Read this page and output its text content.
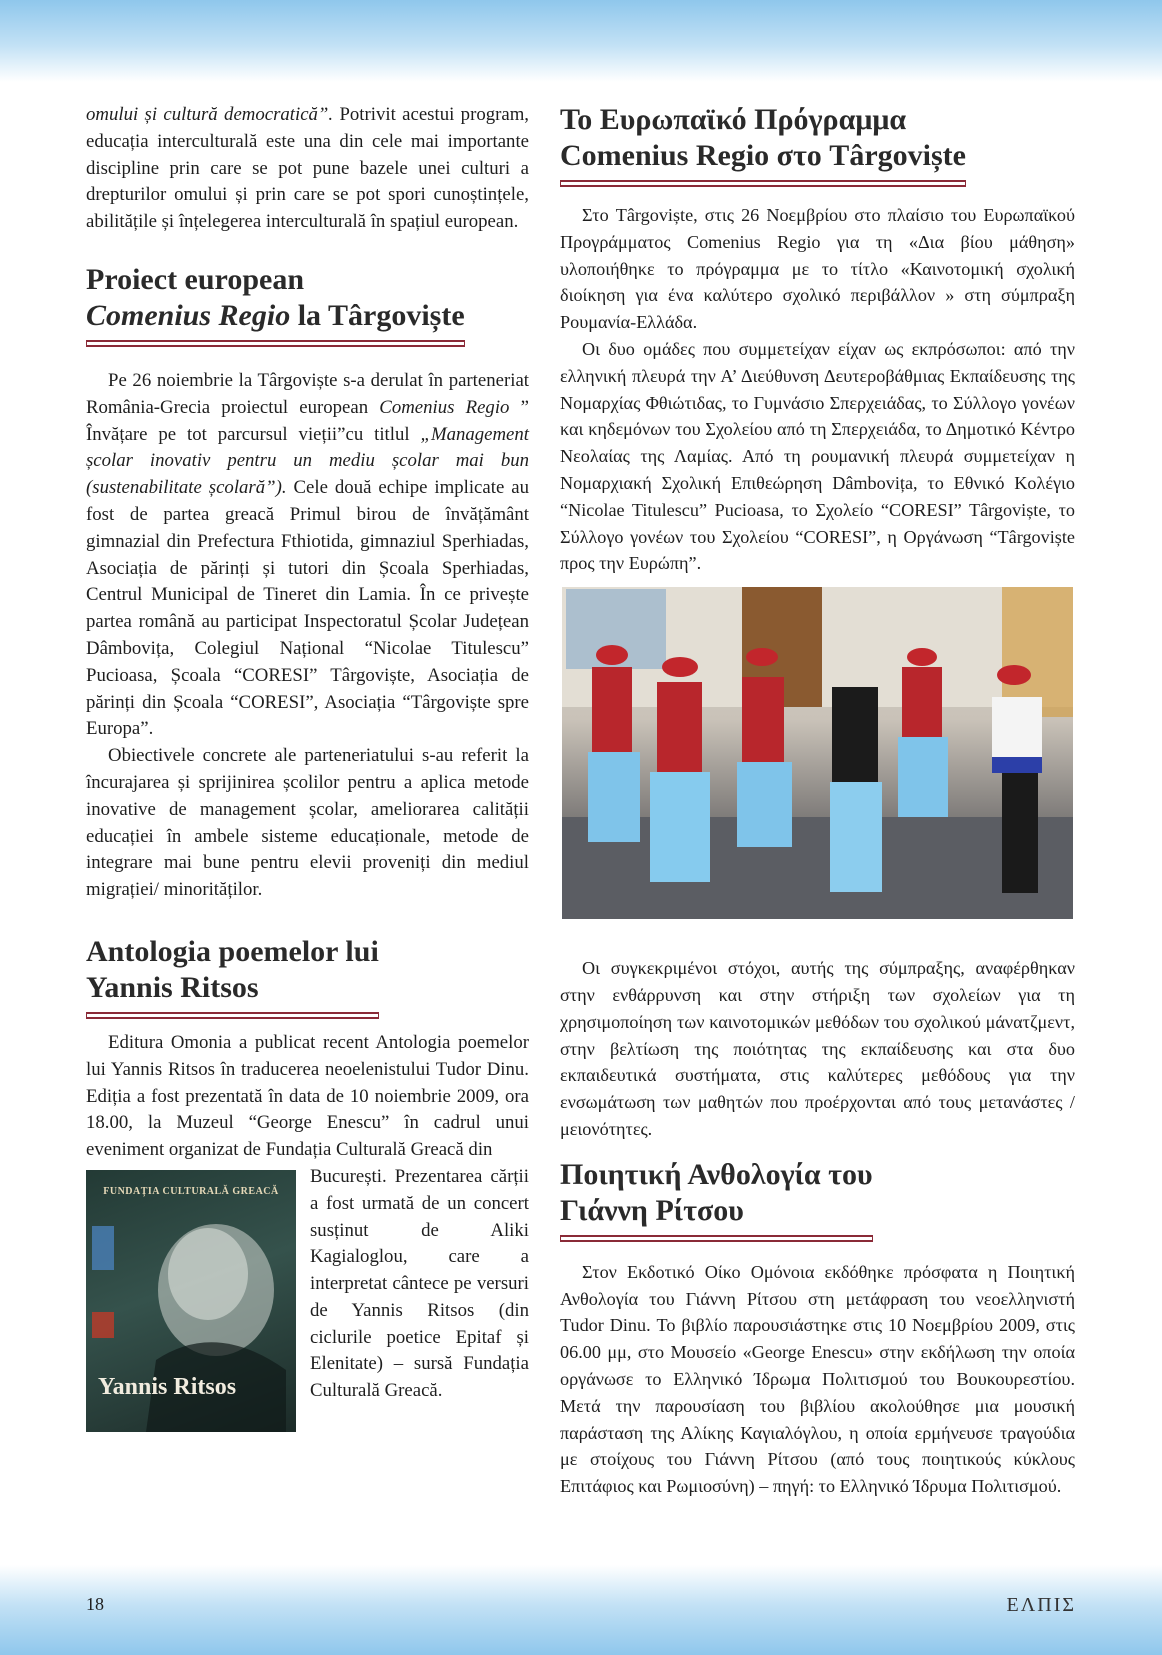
omului și cultură democratică”. Potrivit acestui program, educația interculturală este una din cele mai importante discipline prin care se pot pune bazele unei culturi a drepturilor omului și prin care se pot spori cunoștințele, abilitățile și înțelegerea interculturală în spațiul european.

Proiect european
Comenius Regio la Târgoviște

Pe 26 noiembrie la Târgoviște s-a derulat în parteneriat România-Grecia proiectul european Comenius Regio ” Învățare pe tot parcursul vieții”cu titlul „Management școlar inovativ pentru un mediu școlar mai bun (sustenabilitate școlară”). Cele două echipe implicate au fost de partea greacă Primul birou de învățământ gimnazial din Prefectura Fthiotida, gimnaziul Sperhiadas, Asociația de părinți și tutori din Școala Sperhiadas, Centrul Municipal de Tineret din Lamia. În ce privește partea română au participat Inspectoratul Școlar Județean Dâmbovița, Colegiul Național “Nicolae Titulescu” Pucioasa, Școala “CORESI” Târgoviște, Asociația de părinți din Școala “CORESI”, Asociația “Târgoviște spre Europa”.

Obiectivele concrete ale parteneriatului s-au referit la încurajarea și sprijinirea școlilor pentru a aplica metode inovative de management școlar, ameliorarea calității educației în ambele sisteme educaționale, metode de integrare mai bune pentru elevii proveniți din mediul migrației/ minorităților.

Antologia poemelor lui
Yannis Ritsos

Editura Omonia a publicat recent Antologia poemelor lui Yannis Ritsos în traducerea neoelenistului Tudor Dinu. Ediția a fost prezentată în data de 10 noiembrie 2009, ora 18.00, la Muzeul “George Enescu” în cadrul unui eveniment organizat de Fundația Culturală Greacă din

FUNDAȚIA CULTURALĂ GREACĂ
Yannis Ritsos

București. Prezentarea cărții a fost urmată de un concert susținut de Aliki Kagialoglou, care a interpretat cântece pe versuri de Yannis Ritsos (din ciclurile poetice Epitaf și Elenitate) – sursă Fundația Culturală Greacă.

Το Ευρωπαϊκό Πρόγραμμα
Comenius Regio στο Târgoviște

Στο Târgoviște, στις 26 Νοεμβρίου στο πλαίσιο του Ευρωπαϊκού Προγράμματος Comenius Regio για τη «Δια βίου μάθηση» υλοποιήθηκε το πρόγραμμα με το τίτλο «Καινοτομική σχολική διοίκηση για ένα καλύτερο σχολικό περιβάλλον » στη σύμπραξη Ρουμανία-Ελλάδα.

Οι δυο ομάδες που συμμετείχαν είχαν ως εκπρόσωποι: από την ελληνική πλευρά την Α’ Διεύθυνση Δευτεροβάθμιας Εκπαίδευσης της Νομαρχίας Φθιώτιδας, το Γυμνάσιο Σπερχειάδας, το Σύλλογο γονέων και κηδεμόνων του Σχολείου από τη Σπερχειάδα, το Δημοτικό Κέντρο Νεολαίας της Λαμίας. Από τη ρουμανική πλευρά συμμετείχαν η Νομαρχιακή Σχολική Επιθεώρηση Dâmbovița, το Εθνικό Κολέγιο “Nicolae Titulescu” Pucioasa, το Σχολείο “CORESI” Târgoviște, το Σύλλογο γονέων του Σχολείου “CORESI”, η Οργάνωση “Târgoviște προς την Ευρώπη”.

Οι συγκεκριμένοι στόχοι, αυτής της σύμπραξης, αναφέρθηκαν στην ενθάρρυνση και στην στήριξη των σχολείων για τη χρησιμοποίηση των καινοτομικών μεθόδων του σχολικού μάνατζμεντ, στην βελτίωση της ποιότητας της εκπαίδευσης και στα δυο εκπαιδευτικά συστήματα, στις καλύτερες μεθόδους για την ενσωμάτωση των μαθητών που προέρχονται από τους μετανάστες / μειονότητες.

Ποιητική Ανθολογία του
Γιάννη Ρίτσου

Στον Εκδοτικό Οίκο Ομόνοια εκδόθηκε πρόσφατα η Ποιητική Ανθολογία του Γιάννη Ρίτσου στη μετάφραση του νεοελληνιστή Tudor Dinu. Το βιβλίο παρουσιάστηκε στις 10 Νοεμβρίου 2009, στις 06.00 μμ, στο Μουσείο «George Enescu» στην εκδήλωση την οποία οργάνωσε το Ελληνικό Ίδρωμα Πολιτισμού του Βουκουρεστίου. Μετά την παρουσίαση του βιβλίου ακολούθησε μια μουσική παράσταση της Αλίκης Καγιαλόγλου, η οποία ερμήνευσε τραγούδια με στοίχους του Γιάννη Ρίτσου (από τους ποιητικούς κύκλους Επιτάφιος και Ρωμιοσύνη) – πηγή: το Ελληνικό Ίδρυμα Πολιτισμού.

18	ΕΛΠΙΣ
